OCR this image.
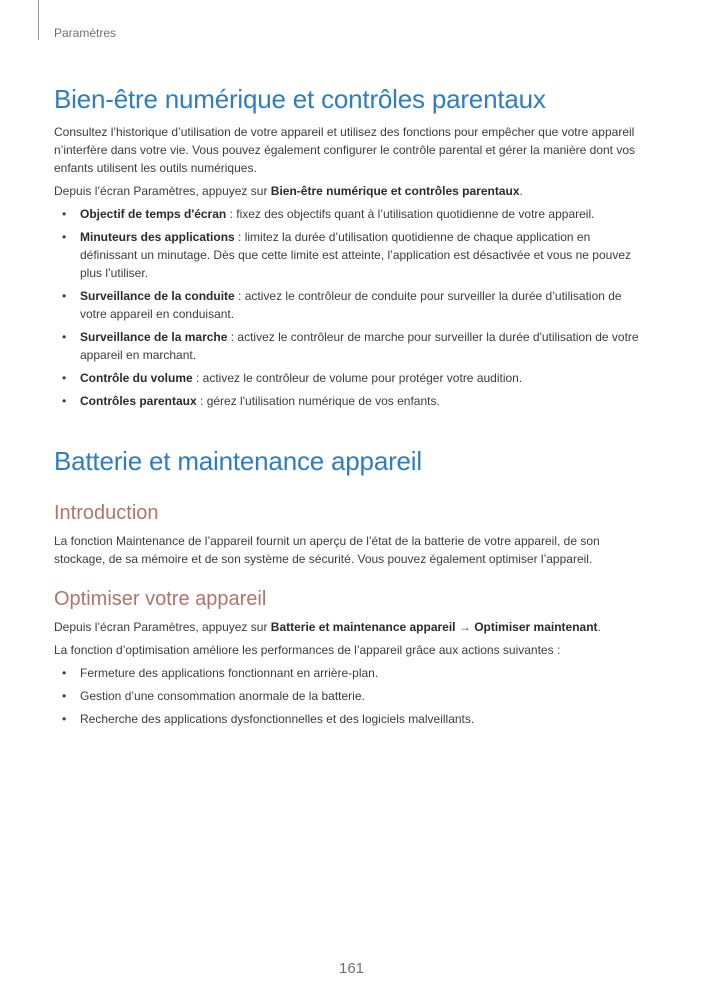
Paramètres
Bien-être numérique et contrôles parentaux

Consultez l’historique d’utilisation de votre appareil et utilisez des fonctions pour empêcher que votre appareil n’interfère dans votre vie. Vous pouvez également configurer le contrôle parental et gérer la manière dont vos enfants utilisent les outils numériques.

Depuis l’écran Paramètres, appuyez sur Bien-être numérique et contrôles parentaux.

• Objectif de temps d'écran : fixez des objectifs quant à l’utilisation quotidienne de votre appareil.
• Minuteurs des applications : limitez la durée d’utilisation quotidienne de chaque application en définissant un minutage. Dès que cette limite est atteinte, l’application est désactivée et vous ne pouvez plus l’utiliser.
• Surveillance de la conduite : activez le contrôleur de conduite pour surveiller la durée d’utilisation de votre appareil en conduisant.
• Surveillance de la marche : activez le contrôleur de marche pour surveiller la durée d'utilisation de votre appareil en marchant.
• Contrôle du volume : activez le contrôleur de volume pour protéger votre audition.
• Contrôles parentaux : gérez l'utilisation numérique de vos enfants.
Batterie et maintenance appareil
Introduction

La fonction Maintenance de l’appareil fournit un aperçu de l’état de la batterie de votre appareil, de son stockage, de sa mémoire et de son système de sécurité. Vous pouvez également optimiser l’appareil.

Optimiser votre appareil

Depuis l’écran Paramètres, appuyez sur Batterie et maintenance appareil → Optimiser maintenant.

La fonction d’optimisation améliore les performances de l’appareil grâce aux actions suivantes :

• Fermeture des applications fonctionnant en arrière-plan.
• Gestion d’une consommation anormale de la batterie.
• Recherche des applications dysfonctionnelles et des logiciels malveillants.
161
